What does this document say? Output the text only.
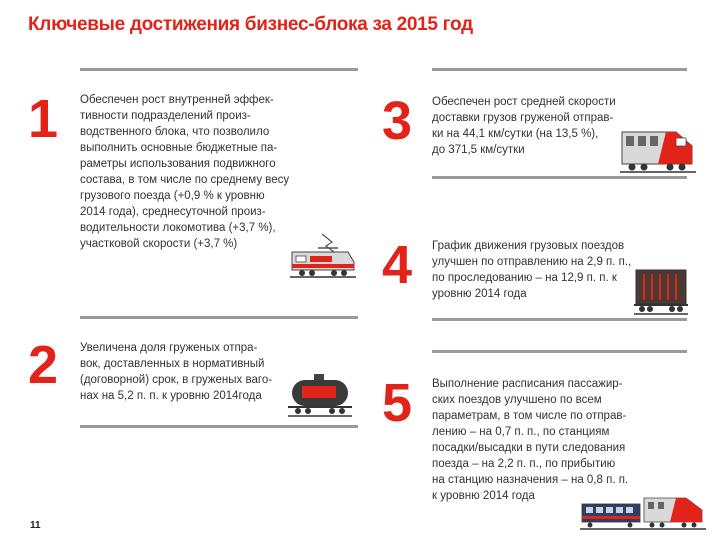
Ключевые достижения бизнес-блока за 2015 год
1 Обеспечен рост внутренней эффек-
тивности подразделений произ-
водственного блока, что позволило
выполнить основные бюджетные па-
раметры использования подвижного
состава, в том числе по среднему весу
грузового поезда (+0,9 % к уровню
2014 года), среднесуточной произ-
водительности локомотива (+3,7 %),
участковой скорости (+3,7 %)
2 Увеличена доля груженых отпра-
вок, доставленных в нормативный
(договорной) срок, в груженых ваго-
нах на 5,2 п. п. к уровню 2014года
3 Обеспечен рост средней скорости
доставки грузов груженой отправ-
ки на 44,1 км/сутки (на 13,5 %),
до 371,5 км/сутки
4 График движения грузовых поездов
улучшен по отправлению на 2,9 п. п.,
по проследованию – на 12,9 п. п. к
уровню 2014 года
5 Выполнение расписания пассажир-
ских поездов улучшено по всем
параметрам, в том числе по отправ-
лению – на 0,7 п. п., по станциям
посадки/высадки в пути следования
поезда – на 2,2 п. п., по прибытию
на станцию назначения – на 0,8 п. п.
к уровню 2014 года
11
